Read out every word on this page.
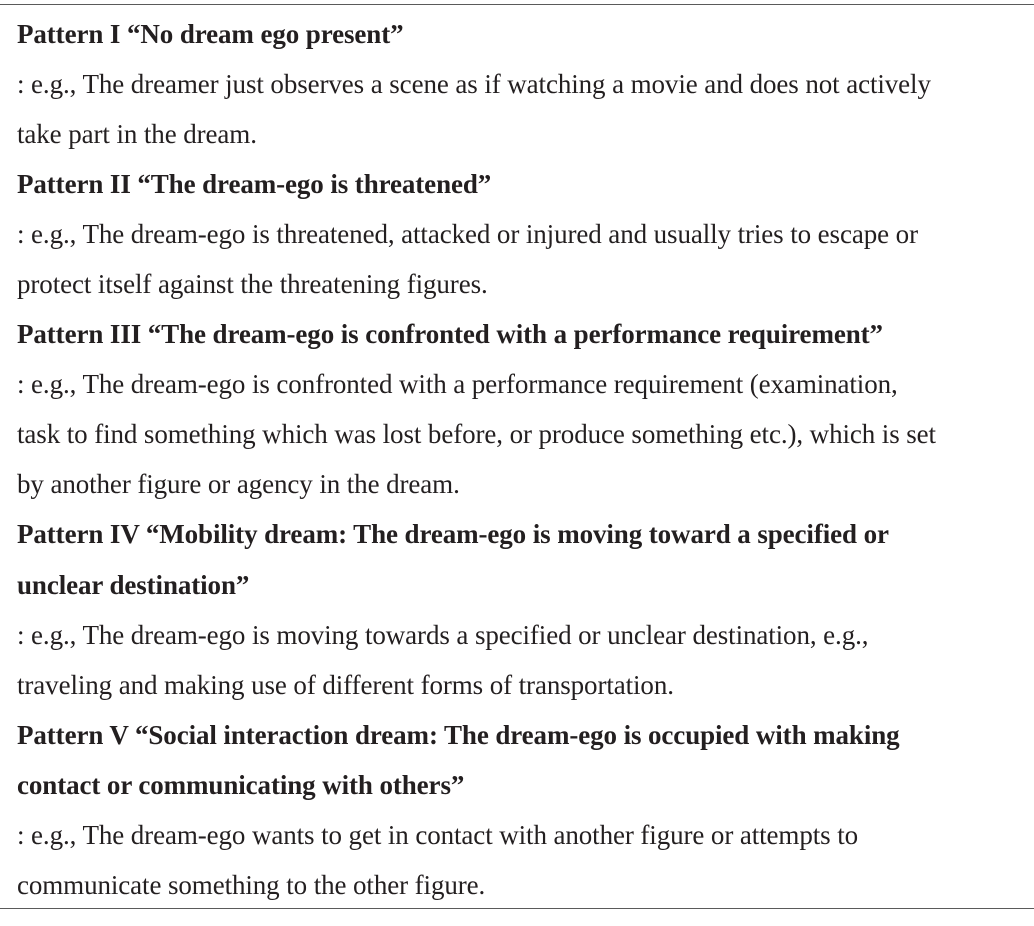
Pattern I “No dream ego present”
: e.g., The dreamer just observes a scene as if watching a movie and does not actively
take part in the dream.
Pattern II “The dream-ego is threatened”
: e.g., The dream-ego is threatened, attacked or injured and usually tries to escape or
protect itself against the threatening figures.
Pattern III “The dream-ego is confronted with a performance requirement”
: e.g., The dream-ego is confronted with a performance requirement (examination,
task to find something which was lost before, or produce something etc.), which is set
by another figure or agency in the dream.
Pattern IV “Mobility dream: The dream-ego is moving toward a specified or
unclear destination”
: e.g., The dream-ego is moving towards a specified or unclear destination, e.g.,
traveling and making use of different forms of transportation.
Pattern V “Social interaction dream: The dream-ego is occupied with making
contact or communicating with others”
: e.g., The dream-ego wants to get in contact with another figure or attempts to
communicate something to the other figure.
